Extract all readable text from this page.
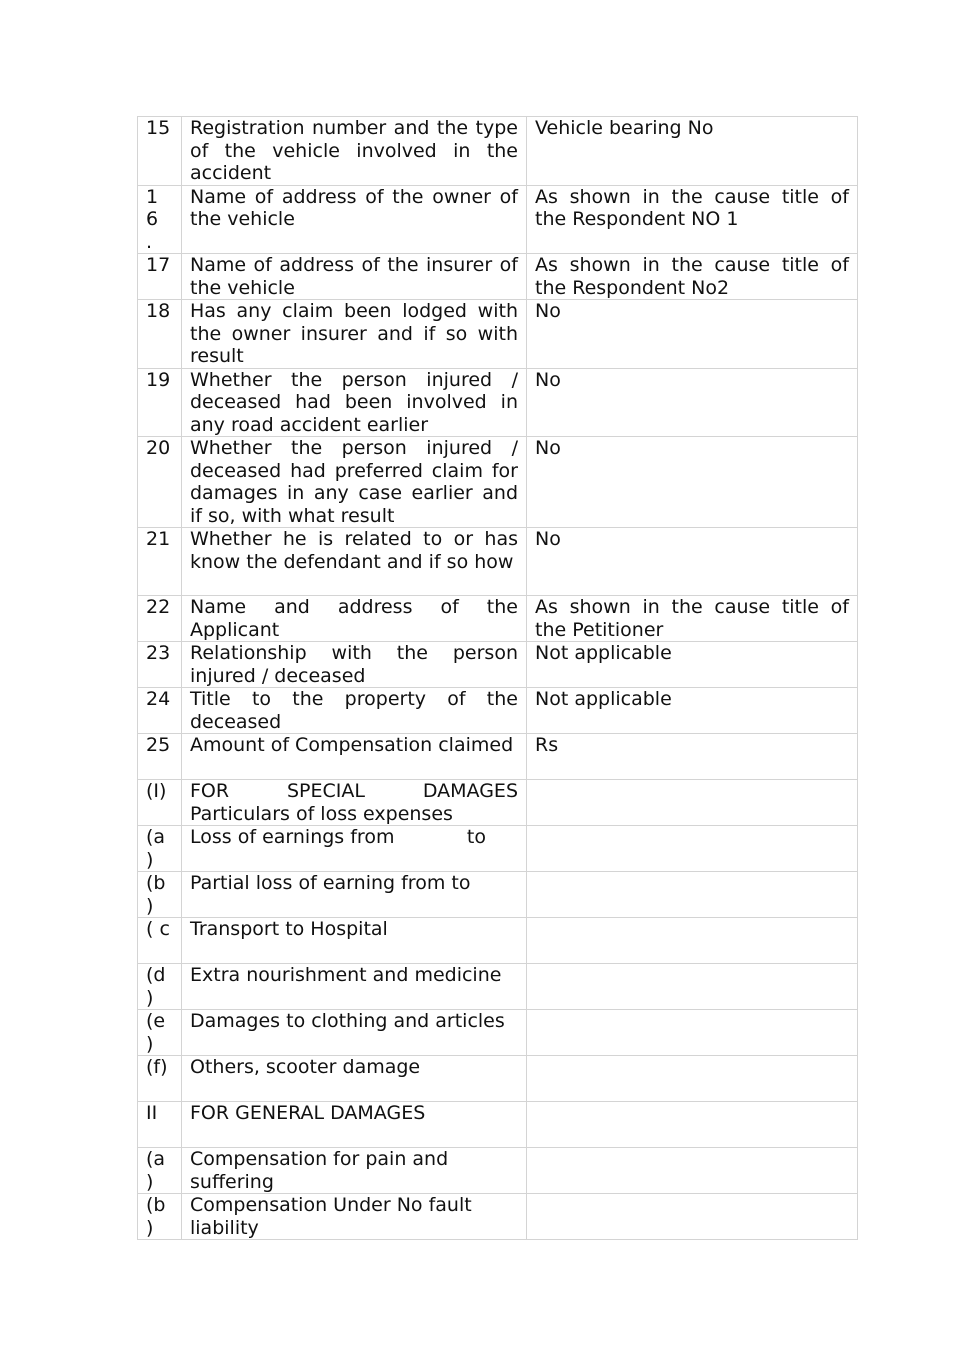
15	Registration number and the type of the vehicle involved in the accident	Vehicle bearing No

16 .	Name of address of the owner of the vehicle	As shown in the cause title of the Respondent NO 1
17	Name of address of the insurer of the vehicle	As shown in the cause title of the Respondent No2
18	Has any claim been lodged with the owner insurer and if so with result	No
19	Whether the person injured / deceased had been involved in any road accident earlier	No
20	Whether the person injured / deceased had preferred claim for damages in any case earlier and if so, with what result	No
21	Whether he is related to or has know the defendant and if so how	No
22	Name and address of the Applicant	As shown in the cause title of the Petitioner
23	Relationship with the person injured / deceased	Not applicable
24	Title to the property of the deceased	Not applicable
25	Amount of Compensation claimed	Rs
(I)	FOR SPECIAL DAMAGES Particulars of loss expenses	

(a )	Loss of earnings from            to	

(b )	Partial loss of earning from to	
( c	Transport to Hospital	

(d )	Extra nourishment and medicine	

(e )	Damages to clothing and articles	
(f)	Others, scooter damage	
II	FOR GENERAL DAMAGES	

(a )	Compensation for pain and suffering	

(b )	Compensation Under No fault liability	
